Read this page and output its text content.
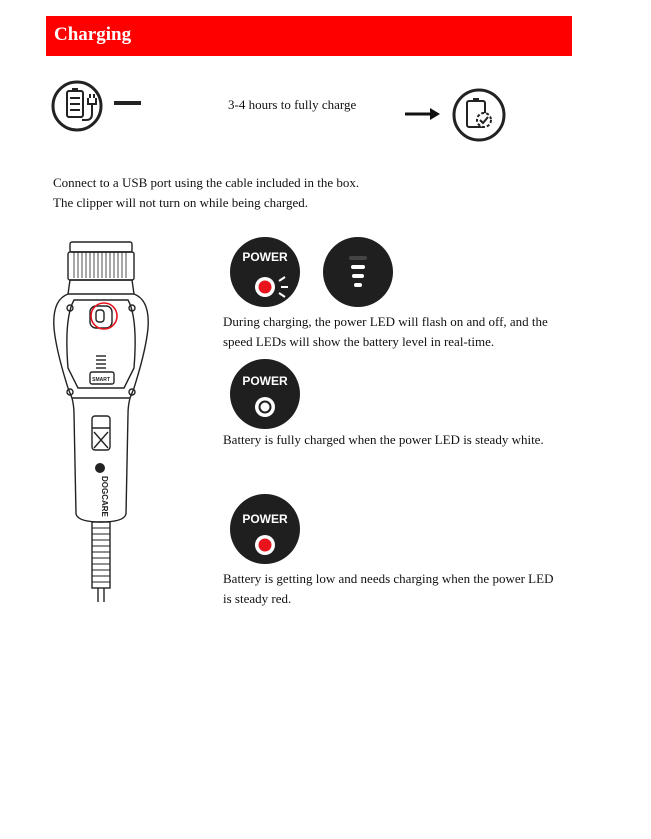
Charging
3-4 hours to fully charge
Connect to a USB port using the cable included in the box.
The clipper will not turn on while being charged.
DOGCARE
SMART
POWER
During charging, the power LED will flash on and off, and the
speed LEDs will show the battery level in real-time.
POWER
Battery is fully charged when the power LED is steady white.
POWER
Battery is getting low and needs charging when the power LED
is steady red.
